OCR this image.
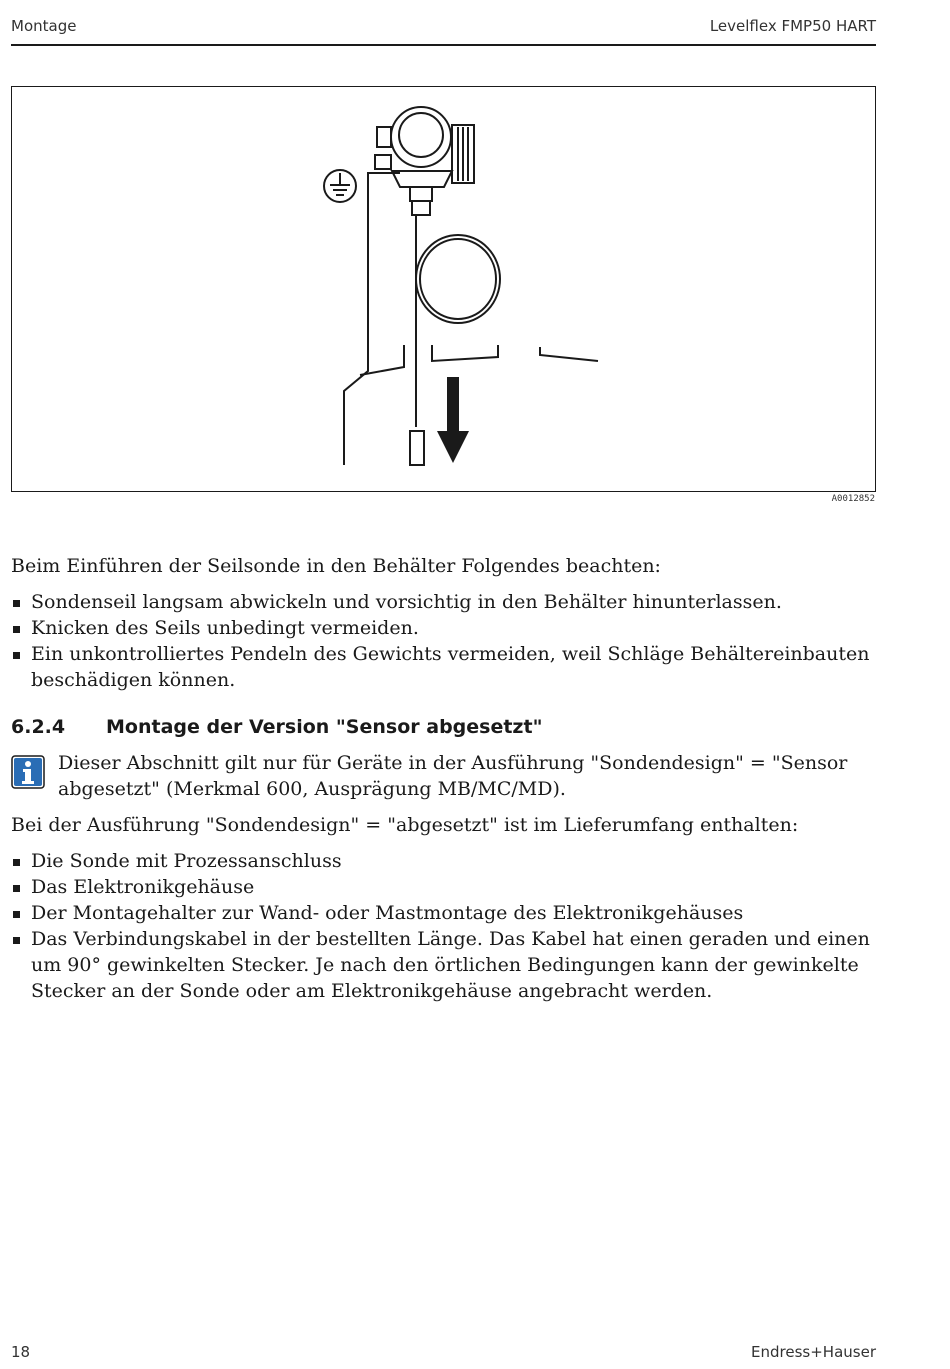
Montage	Levelflex FMP50 HART
A0012852

Beim Einführen der Seilsonde in den Behälter Folgendes beachten:

Sondenseil langsam abwickeln und vorsichtig in den Behälter hinunterlassen.
Knicken des Seils unbedingt vermeiden.
Ein unkontrolliertes Pendeln des Gewichts vermeiden, weil Schläge Behältereinbauten beschädigen können.
6.2.4 Montage der Version "Sensor abgesetzt"

Dieser Abschnitt gilt nur für Geräte in der Ausführung "Sondendesign" = "Sensor abgesetzt" (Merkmal 600, Ausprägung MB/MC/MD).

Bei der Ausführung "Sondendesign" = "abgesetzt" ist im Lieferumfang enthalten:

Die Sonde mit Prozessanschluss
Das Elektronikgehäuse
Der Montagehalter zur Wand- oder Mastmontage des Elektronikgehäuses
Das Verbindungskabel in der bestellten Länge. Das Kabel hat einen geraden und einen um 90° gewinkelten Stecker. Je nach den örtlichen Bedingungen kann der gewinkelte Stecker an der Sonde oder am Elektronikgehäuse angebracht werden.
18	Endress+Hauser
